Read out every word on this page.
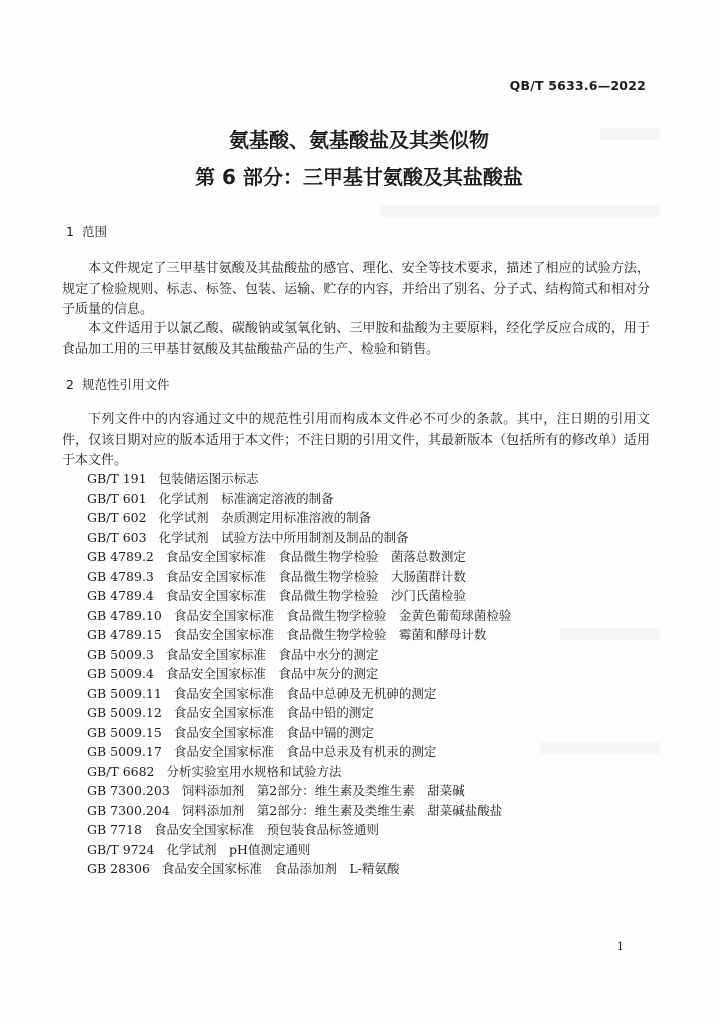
QB/T 5633.6—2022
氨基酸、氨基酸盐及其类似物
第 6 部分：三甲基甘氨酸及其盐酸盐
1 范围

本文件规定了三甲基甘氨酸及其盐酸盐的感官、理化、安全等技术要求，描述了相应的试验方法，规定了检验规则、标志、标签、包装、运输、贮存的内容，并给出了别名、分子式、结构简式和相对分子质量的信息。

本文件适用于以氯乙酸、碳酸钠或氢氧化钠、三甲胺和盐酸为主要原料，经化学反应合成的，用于食品加工用的三甲基甘氨酸及其盐酸盐产品的生产、检验和销售。

2 规范性引用文件

下列文件中的内容通过文中的规范性引用而构成本文件必不可少的条款。其中，注日期的引用文件，仅该日期对应的版本适用于本文件；不注日期的引用文件，其最新版本（包括所有的修改单）适用于本文件。

GB/T 191 包装储运图示标志
GB/T 601 化学试剂　标准滴定溶液的制备
GB/T 602 化学试剂　杂质测定用标准溶液的制备
GB/T 603 化学试剂　试验方法中所用制剂及制品的制备
GB 4789.2 食品安全国家标准　食品微生物学检验　菌落总数测定
GB 4789.3 食品安全国家标准　食品微生物学检验　大肠菌群计数
GB 4789.4 食品安全国家标准　食品微生物学检验　沙门氏菌检验
GB 4789.10 食品安全国家标准　食品微生物学检验　金黄色葡萄球菌检验
GB 4789.15 食品安全国家标准　食品微生物学检验　霉菌和酵母计数
GB 5009.3 食品安全国家标准　食品中水分的测定
GB 5009.4 食品安全国家标准　食品中灰分的测定
GB 5009.11 食品安全国家标准　食品中总砷及无机砷的测定
GB 5009.12 食品安全国家标准　食品中铅的测定
GB 5009.15 食品安全国家标准　食品中镉的测定
GB 5009.17 食品安全国家标准　食品中总汞及有机汞的测定
GB/T 6682 分析实验室用水规格和试验方法
GB 7300.203 饲料添加剂　第2部分：维生素及类维生素　甜菜碱
GB 7300.204 饲料添加剂　第2部分：维生素及类维生素　甜菜碱盐酸盐
GB 7718 食品安全国家标准　预包装食品标签通则
GB/T 9724 化学试剂　pH值测定通则
GB 28306 食品安全国家标准　食品添加剂　L-精氨酸
1
